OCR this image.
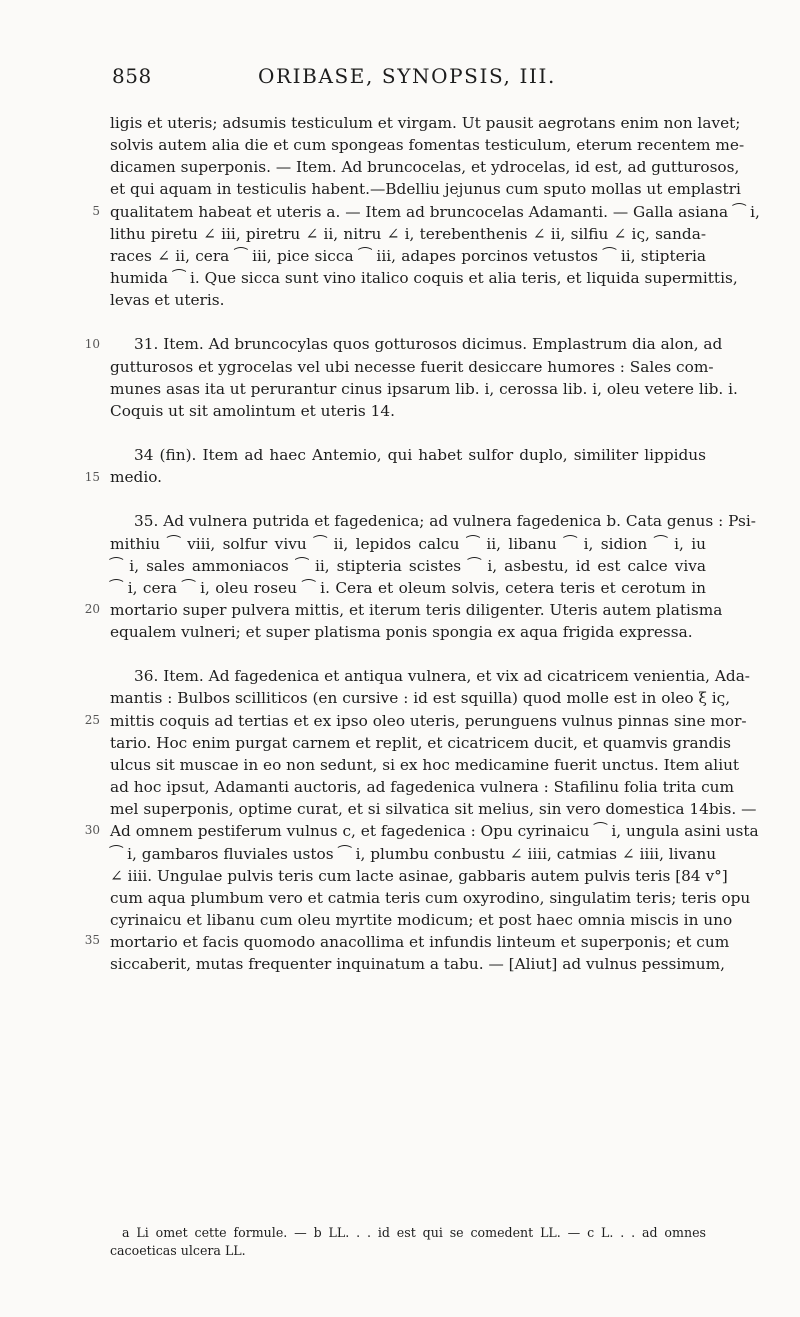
858	ORIBASE, SYNOPSIS, III.
ligis et uteris; adsumis testiculum et virgam. Ut pausit aegrotans enim non lavet;
solvis autem alia die et cum spongeas fomentas testiculum, eterum recentem me-
dicamen superponis. — Item. Ad bruncocelas, et ydrocelas, id est, ad gutturosos,
et qui aquam in testiculis habent.—Bdelliu jejunus cum sputo mollas ut emplastri
5 qualitatem habeat et uteris a. — Item ad bruncocelas Adamanti. — Galla asiana ⁀ i,
lithu piretu ∠ iii, piretru ∠ ii, nitru ∠ i, terebenthenis ∠ ii, silfiu ∠ iς, sanda-
races ∠ ii, cera ⁀ iii, pice sicca ⁀ iii, adapes porcinos vetustos ⁀ ii, stipteria
humida ⁀ i. Que sicca sunt vino italico coquis et alia teris, et liquida supermittis,
levas et uteris.
10	31. Item. Ad bruncocylas quos gotturosos dicimus. Emplastrum dia alon, ad
gutturosos et ygrocelas vel ubi necesse fuerit desiccare humores : Sales com-
munes asas ita ut perurantur cinus ipsarum lib. i, cerossa lib. i, oleu vetere lib. i.
Coquis ut sit amolintum et uteris 14.
34 (fin). Item ad haec Antemio, qui habet sulfor duplo, similiter lippidus
15 medio.
35. Ad vulnera putrida et fagedenica; ad vulnera fagedenica b. Cata genus : Psi-
mithiu ⁀ viii, solfur vivu ⁀ ii, lepidos calcu ⁀ ii, libanu ⁀ i, sidion ⁀ i, iu
⁀ i, sales ammoniacos ⁀ ii, stipteria scistes ⁀ i, asbestu, id est calce viva
⁀ i, cera ⁀ i, oleu roseu ⁀ i. Cera et oleum solvis, cetera teris et cerotum in
20 mortario super pulvera mittis, et iterum teris diligenter. Uteris autem platisma
equalem vulneri; et super platisma ponis spongia ex aqua frigida expressa.
36. Item. Ad fagedenica et antiqua vulnera, et vix ad cicatricem venientia, Ada-
mantis : Bulbos scilliticos (en cursive : id est squilla) quod molle est in oleo ξ iς,
25 mittis coquis ad tertias et ex ipso oleo uteris, perunguens vulnus pinnas sine mor-
tario. Hoc enim purgat carnem et replit, et cicatricem ducit, et quamvis grandis
ulcus sit muscae in eo non sedunt, si ex hoc medicamine fuerit unctus. Item aliut
ad hoc ipsut, Adamanti auctoris, ad fagedenica vulnera : Stafilinu folia trita cum
mel superponis, optime curat, et si silvatica sit melius, sin vero domestica 14bis. —
30 Ad omnem pestiferum vulnus c, et fagedenica : Opu cyrinaicu ⁀ i, ungula asini usta
⁀ i, gambaros fluviales ustos ⁀ i, plumbu conbustu ∠ iiii, catmias ∠ iiii, livanu
∠ iiii. Ungulae pulvis teris cum lacte asinae, gabbaris autem pulvis teris [84 v°]
cum aqua plumbum vero et catmia teris cum oxyrodino, singulatim teris; teris opu
cyrinaicu et libanu cum oleu myrtite modicum; et post haec omnia miscis in uno
35 mortario et facis quomodo anacollima et infundis linteum et superponis; et cum
siccaberit, mutas frequenter inquinatum a tabu. — [Aliut] ad vulnus pessimum,
a Li omet cette formule. — b LL. . . id est qui se comedent LL. — c L. . . ad omnes
cacoeticas ulcera LL.
